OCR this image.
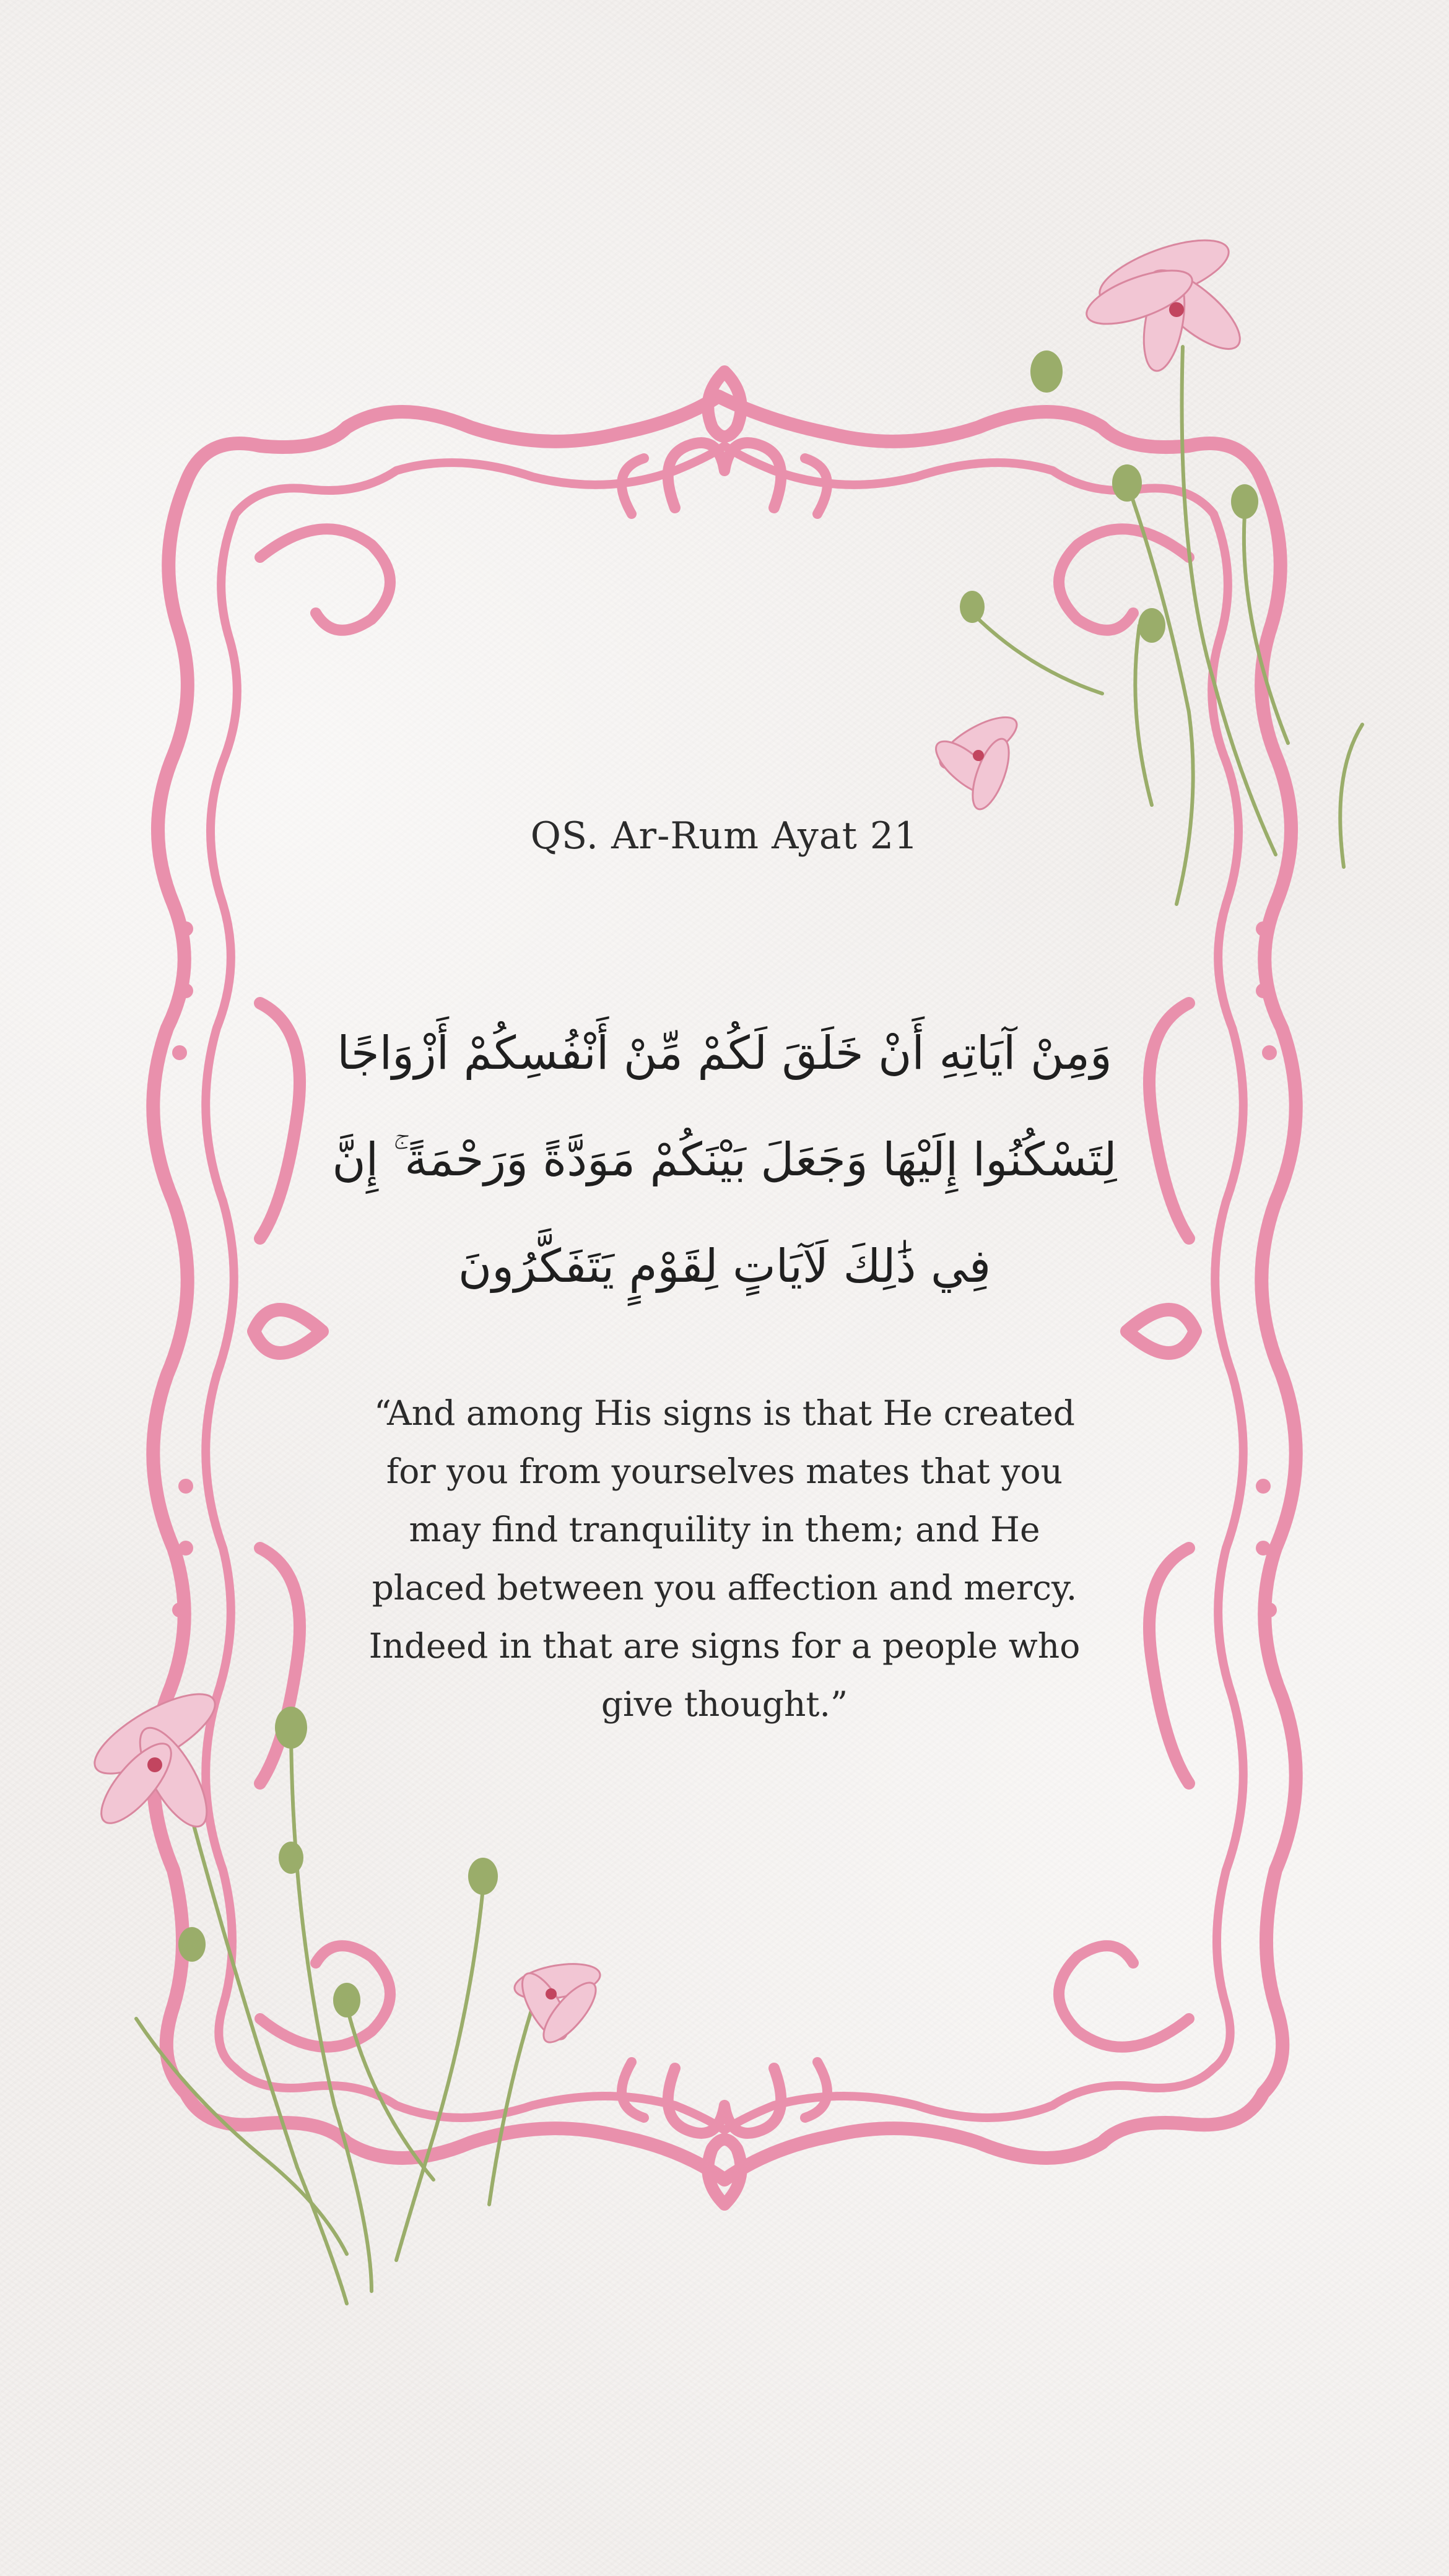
QS. Ar-Rum Ayat 21
وَمِنْ آيَاتِهِ أَنْ خَلَقَ لَكُمْ مِّنْ أَنْفُسِكُمْ أَزْوَاجًا
لِتَسْكُنُوا إِلَيْهَا وَجَعَلَ بَيْنَكُمْ مَوَدَّةً وَرَحْمَةً ۚ إِنَّ
فِي ذَٰلِكَ لَآيَاتٍ لِقَوْمٍ يَتَفَكَّرُونَ
“And among His signs is that He created for you from yourselves mates that you may find tranquility in them; and He placed between you affection and mercy. Indeed in that are signs for a people who give thought.”
